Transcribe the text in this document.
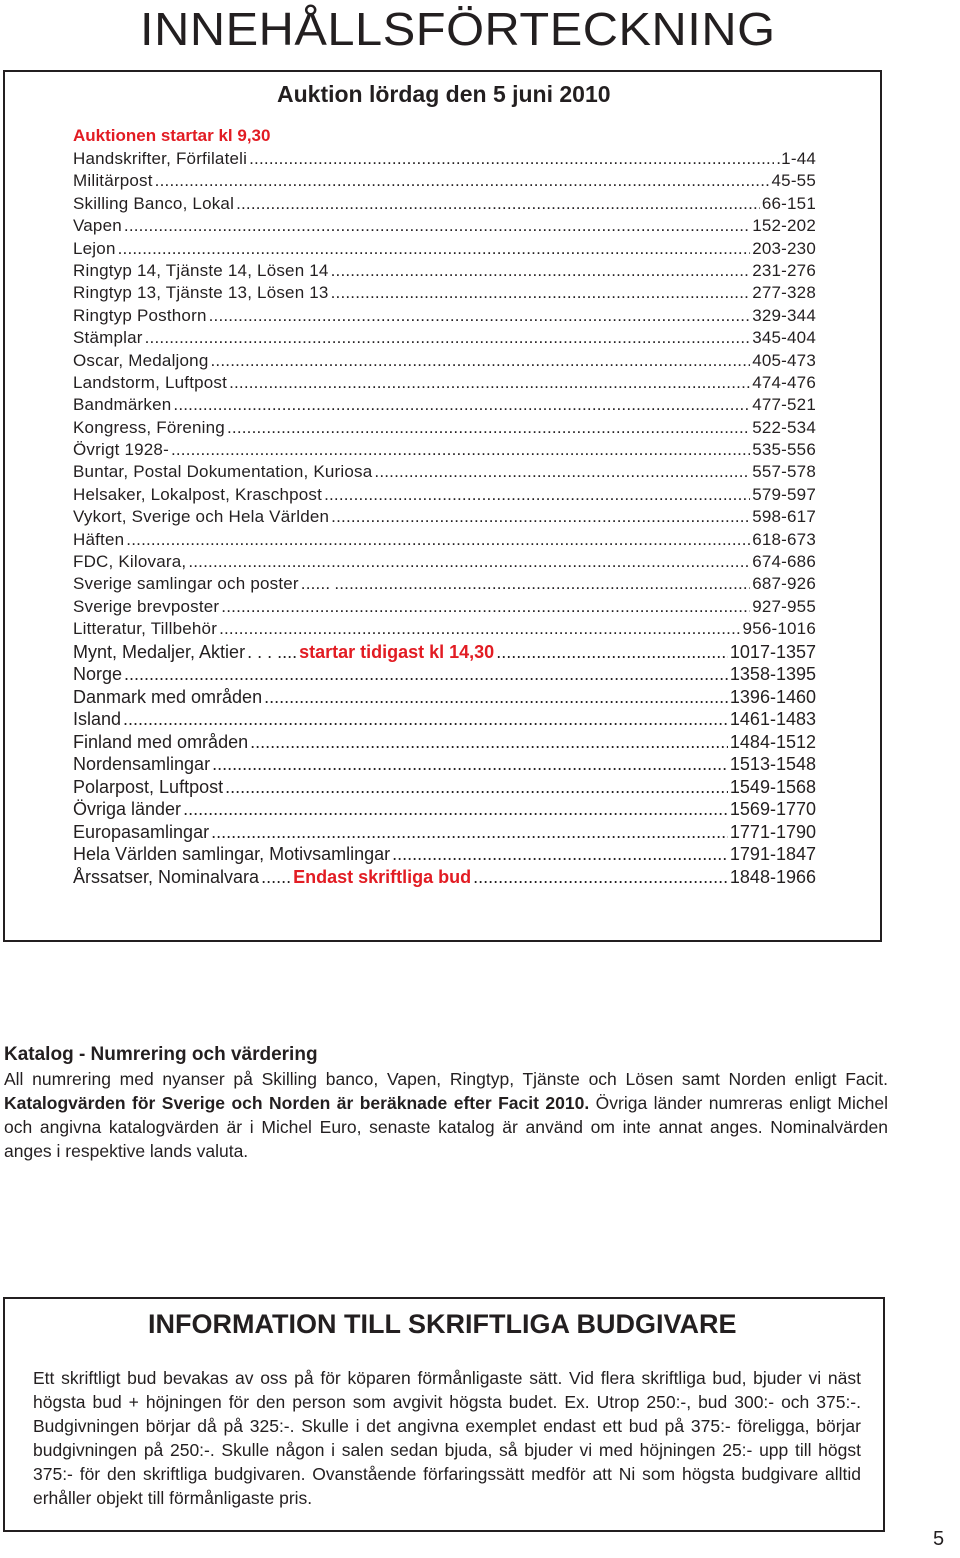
INNEHÅLLSFÖRTECKNING
Auktion lördag den 5 juni 2010
Auktionen startar kl 9,30
Handskrifter, Förfilateli .....	.1-44
Militärpost .....	45-55
Skilling Banco, Lokal .....	66-151
Vapen .....	152-202
Lejon .....	203-230
Ringtyp 14, Tjänste 14, Lösen 14 .....	231-276
Ringtyp 13, Tjänste 13, Lösen 13 .....	277-328
Ringtyp Posthorn .....	329-344
Stämplar .....	345-404
Oscar, Medaljong .....	405-473
Landstorm, Luftpost .....	474-476
Bandmärken .....	477-521
Kongress, Förening .....	522-534
Övrigt 1928- .....	535-556
Buntar, Postal Dokumentation, Kuriosa .....	557-578
Helsaker, Lokalpost, Kraschpost .....	579-597
Vykort, Sverige och Hela Världen .....	598-617
Häften .....	618-673
FDC, Kilovara, .....	674-686
Sverige samlingar och poster ...... .....	687-926
Sverige brevposter .....	927-955
Litteratur, Tillbehör .....	956-1016
Mynt, Medaljer, Aktier . . .	startar tidigast kl 14,30 .....	1017-1357
Norge .....	1358-1395
Danmark med områden .....	1396-1460
Island .....	1461-1483
Finland med områden .....	1484-1512
Nordensamlingar .....	1513-1548
Polarpost, Luftpost .....	1549-1568
Övriga länder .....	1569-1770
Europasamlingar .....	1771-1790
Hela Världen samlingar, Motivsamlingar .....	1791-1847
Årssatser, Nominalvara ...... Endast skriftliga bud .....	1848-1966
Katalog - Numrering och värdering

All numrering med nyanser på Skilling banco, Vapen, Ringtyp, Tjänste och Lösen samt Norden enligt Facit. Katalogvärden för Sverige och Norden är beräknade efter Facit 2010. Övriga länder numreras enligt Michel och angivna katalogvärden är i Michel Euro, senaste katalog är använd om inte annat anges. Nominalvärden anges i respektive lands valuta.

INFORMATION TILL SKRIFTLIGA BUDGIVARE

Ett skriftligt bud bevakas av oss på för köparen förmånligaste sätt. Vid flera skriftliga bud, bjuder vi näst högsta bud + höjningen för den person som avgivit högsta budet. Ex. Utrop 250:-, bud 300:- och 375:-. Budgivningen börjar då på 325:-. Skulle i det angivna exemplet endast ett bud på 375:- föreligga, börjar budgivningen på 250:-. Skulle någon i salen sedan bjuda, så bjuder vi med höjningen 25:- upp till högst 375:- för den skriftliga budgivaren. Ovanstående förfaringssätt medför att Ni som högsta budgivare alltid erhåller objekt till förmånligaste pris.

5
